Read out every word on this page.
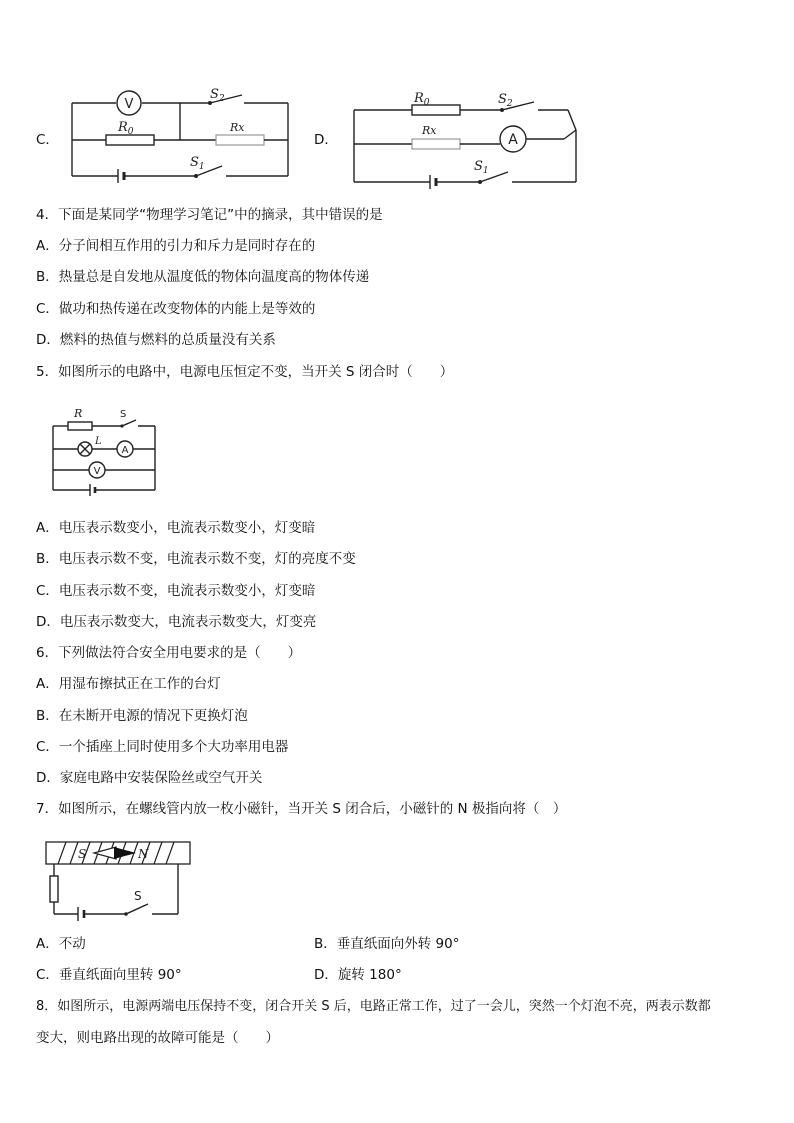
C．
V
$S_2$
$R_0$	Rx
$S_1$
D．	A
$R_0$	$S_2$
Rx
$S_1$
4．下面是某同学“物理学习笔记”中的摘录，其中错误的是
A．分子间相互作用的引力和斥力是同时存在的
B．热量总是自发地从温度低的物体向温度高的物体传递
C．做功和热传递在改变物体的内能上是等效的
D．燃料的热值与燃料的总质量没有关系
5．如图所示的电路中，电源电压恒定不变，当开关 S 闭合时（　　）
A
V
R	S
L
A．电压表示数变小，电流表示数变小，灯变暗
B．电压表示数不变，电流表示数不变，灯的亮度不变
C．电压表示数不变，电流表示数变小，灯变暗
D．电压表示数变大，电流表示数变大，灯变亮
6．下列做法符合安全用电要求的是（　　）
A．用湿布擦拭正在工作的台灯
B．在未断开电源的情况下更换灯泡
C．一个插座上同时使用多个大功率用电器
D．家庭电路中安装保险丝或空气开关
7．如图所示，在螺线管内放一枚小磁针，当开关 S 闭合后，小磁针的 N 极指向将（　）
S	N
S
A．不动	B．垂直纸面向外转 90°
C．垂直纸面向里转 90°	D．旋转 180°
8．如图所示，电源两端电压保持不变，闭合开关 S 后，电路正常工作，过了一会儿，突然一个灯泡不亮，两表示数都
变大，则电路出现的故障可能是（　　）
